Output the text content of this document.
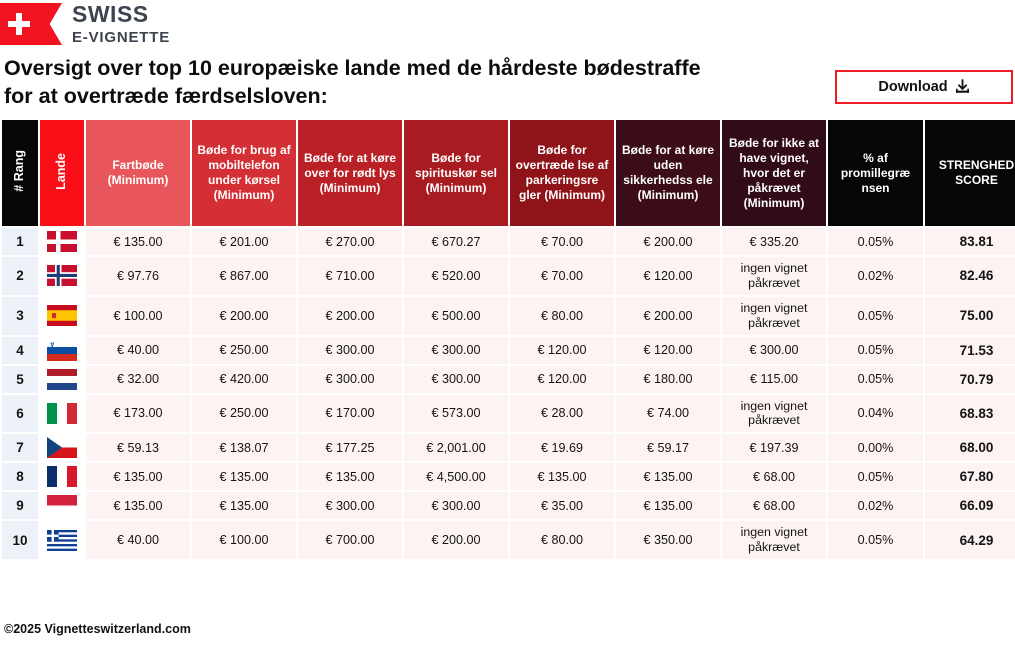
SWISS
E-VIGNETTE
Oversigt over top 10 europæiske lande med de hårdeste bødestraffe for at overtræde færdselsloven:	Download
# Rang	Lande	Fartbøde (Minimum)	Bøde for brug af mobiltelefon under kørsel (Minimum)	Bøde for at køre over for rødt lys (Minimum)	Bøde for spirituskør sel (Minimum)	Bøde for overtræde lse af parkeringsre gler (Minimum)	Bøde for at køre uden sikkerhedss ele (Minimum)	Bøde for ikke at have vignet, hvor det er påkrævet (Minimum)	% af promillegræ nsen	STRENGHED SCORE
1		€ 135.00	€ 201.00	€ 270.00	€ 670.27	€ 70.00	€ 200.00	€ 335.20	0.05%	83.81
2		€ 97.76	€ 867.00	€ 710.00	€ 520.00	€ 70.00	€ 120.00	ingen vignet
påkrævet	0.02%	82.46
3		€ 100.00	€ 200.00	€ 200.00	€ 500.00	€ 80.00	€ 200.00	ingen vignet
påkrævet	0.05%	75.00
4		€ 40.00	€ 250.00	€ 300.00	€ 300.00	€ 120.00	€ 120.00	€ 300.00	0.05%	71.53
5		€ 32.00	€ 420.00	€ 300.00	€ 300.00	€ 120.00	€ 180.00	€ 115.00	0.05%	70.79
6		€ 173.00	€ 250.00	€ 170.00	€ 573.00	€ 28.00	€ 74.00	ingen vignet
påkrævet	0.04%	68.83
7		€ 59.13	€ 138.07	€ 177.25	€ 2,001.00	€ 19.69	€ 59.17	€ 197.39	0.00%	68.00
8		€ 135.00	€ 135.00	€ 135.00	€ 4,500.00	€ 135.00	€ 135.00	€ 68.00	0.05%	67.80
9		€ 135.00	€ 135.00	€ 300.00	€ 300.00	€ 35.00	€ 135.00	€ 68.00	0.02%	66.09
10		€ 40.00	€ 100.00	€ 700.00	€ 200.00	€ 80.00	€ 350.00	ingen vignet
påkrævet	0.05%	64.29
©2025 Vignetteswitzerland.com
